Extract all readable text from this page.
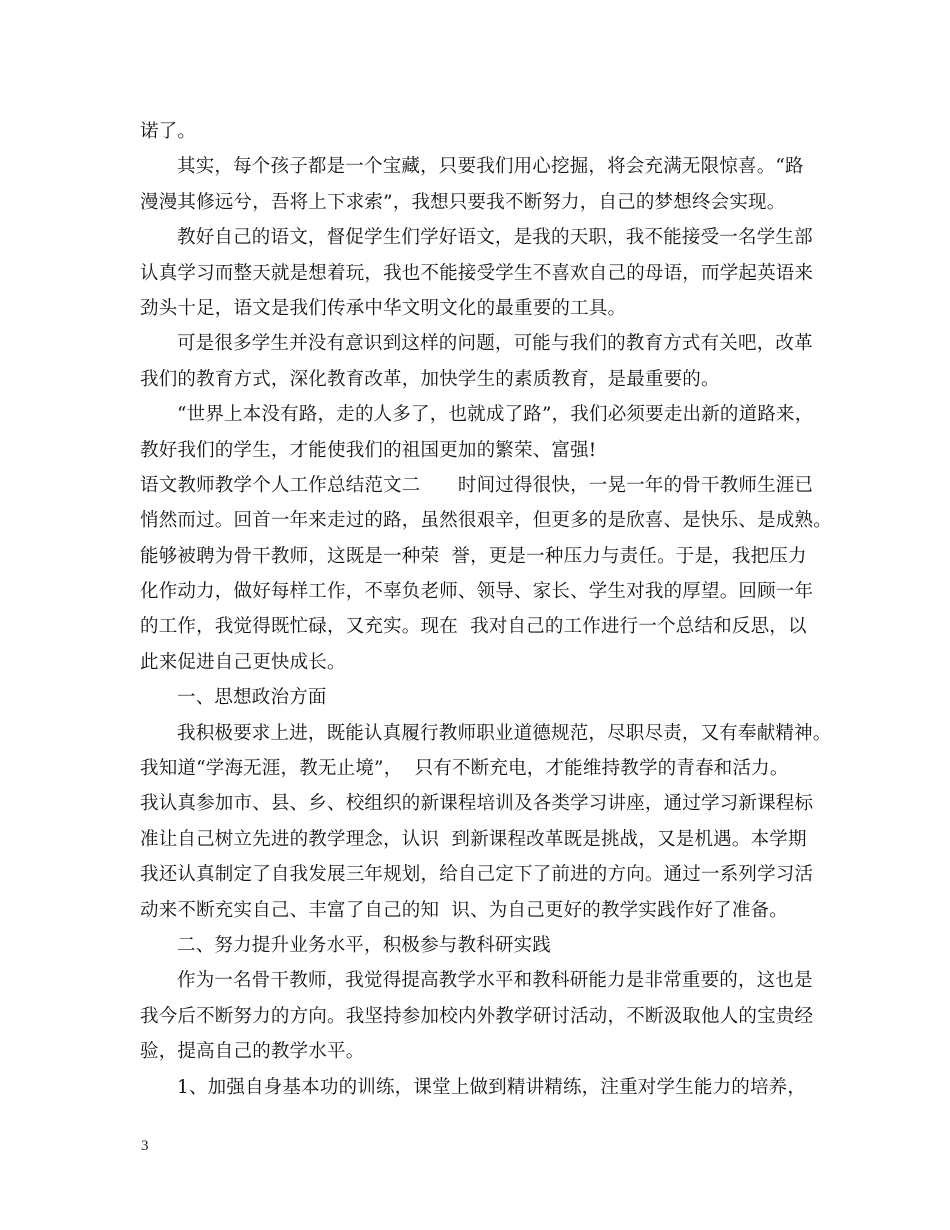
诺了。
其实，每个孩子都是一个宝藏，只要我们用心挖掘，将会充满无限惊喜。“路
漫漫其修远兮，吾将上下求索”，我想只要我不断努力，自己的梦想终会实现。
教好自己的语文，督促学生们学好语文，是我的天职，我不能接受一名学生部
认真学习而整天就是想着玩，我也不能接受学生不喜欢自己的母语，而学起英语来
劲头十足，语文是我们传承中华文明文化的最重要的工具。
可是很多学生并没有意识到这样的问题，可能与我们的教育方式有关吧，改革
我们的教育方式，深化教育改革，加快学生的素质教育，是最重要的。
“世界上本没有路，走的人多了，也就成了路”，我们必须要走出新的道路来，
教好我们的学生，才能使我们的祖国更加的繁荣、富强!
语文教师教学个人工作总结范文二　　时间过得很快，一晃一年的骨干教师生涯已
悄然而过。回首一年来走过的路，虽然很艰辛，但更多的是欣喜、是快乐、是成熟。
能够被聘为骨干教师，这既是一种荣  誉，更是一种压力与责任。于是，我把压力
化作动力，做好每样工作，不辜负老师、领导、家长、学生对我的厚望。回顾一年
的工作，我觉得既忙碌，又充实。现在  我对自己的工作进行一个总结和反思，以
此来促进自己更快成长。
一、思想政治方面
我积极要求上进，既能认真履行教师职业道德规范，尽职尽责，又有奉献精神。
我知道“学海无涯，教无止境”，  只有不断充电，才能维持教学的青春和活力。
我认真参加市、县、乡、校组织的新课程培训及各类学习讲座，通过学习新课程标
准让自己树立先进的教学理念，认识  到新课程改革既是挑战，又是机遇。本学期
我还认真制定了自我发展三年规划，给自己定下了前进的方向。通过一系列学习活
动来不断充实自己、丰富了自己的知  识、为自己更好的教学实践作好了准备。
二、努力提升业务水平，积极参与教科研实践
作为一名骨干教师，我觉得提高教学水平和教科研能力是非常重要的，这也是
我今后不断努力的方向。我坚持参加校内外教学研讨活动，不断汲取他人的宝贵经
验，提高自己的教学水平。
1、加强自身基本功的训练，课堂上做到精讲精练，注重对学生能力的培养，
3
